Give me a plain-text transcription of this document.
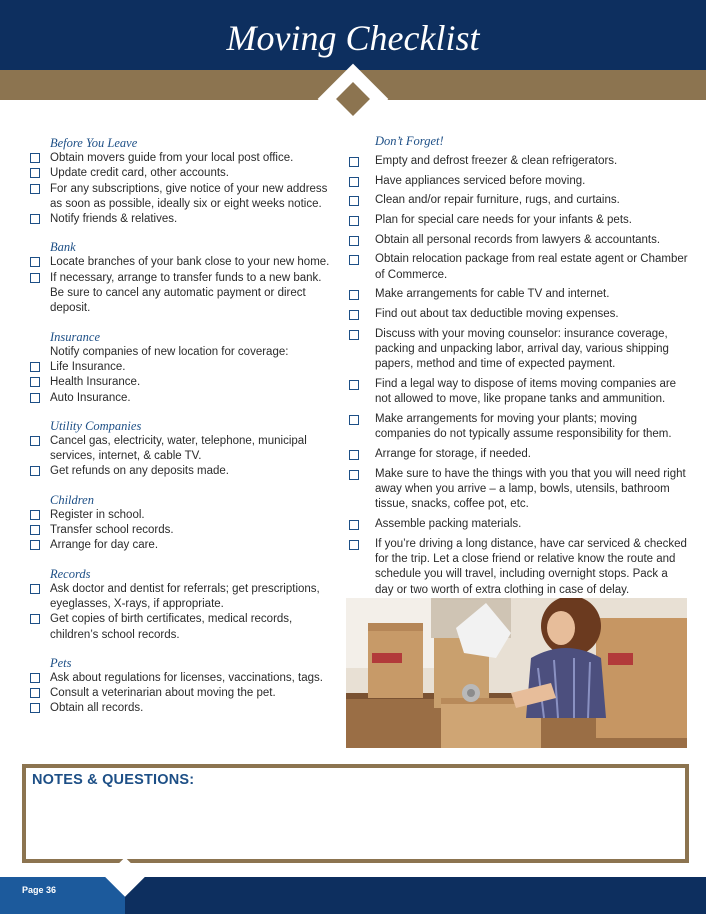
Moving Checklist
Before You Leave
Obtain movers guide from your local post office.
Update credit card, other accounts.
For any subscriptions, give notice of your new address as soon as possible, ideally six or eight weeks notice.
Notify friends & relatives.
Bank
Locate branches of your bank close to your new home.
If necessary, arrange to transfer funds to a new bank. Be sure to cancel any automatic payment or direct deposit.
Insurance
Notify companies of new location for coverage:
Life Insurance.
Health Insurance.
Auto Insurance.
Utility Companies
Cancel gas, electricity, water, telephone, municipal services, internet, & cable TV.
Get refunds on any deposits made.
Children
Register in school.
Transfer school records.
Arrange for day care.
Records
Ask doctor and dentist for referrals; get prescriptions, eyeglasses, X-rays, if appropriate.
Get copies of birth certificates, medical records, children’s school records.
Pets
Ask about regulations for licenses, vaccinations, tags.
Consult a veterinarian about moving the pet.
Obtain all records.
Don’t Forget!
Empty and defrost freezer & clean refrigerators.
Have appliances serviced before moving.
Clean and/or repair furniture, rugs, and curtains.
Plan for special care needs for your infants & pets.
Obtain all personal records from lawyers & accountants.
Obtain relocation package from real estate agent or Chamber of Commerce.
Make arrangements for cable TV and internet.
Find out about tax deductible moving expenses.
Discuss with your moving counselor: insurance coverage, packing and unpacking labor, arrival day, various shipping papers, method and time of expected payment.
Find a legal way to dispose of items moving companies are not allowed to move, like propane tanks and ammunition.
Make arrangements for moving your plants; moving companies do not typically assume responsibility for them.
Arrange for storage, if needed.
Make sure to have the things with you that you will need right away when you arrive – a lamp, bowls, utensils, bathroom tissue, snacks, coffee pot, etc.
Assemble packing materials.
If you’re driving a long distance, have car serviced & checked for the trip. Let a close friend or relative know the route and schedule you will travel, including overnight stops. Pack a day or two worth of extra clothing in case of delay.
NOTES & QUESTIONS:
Page 36
